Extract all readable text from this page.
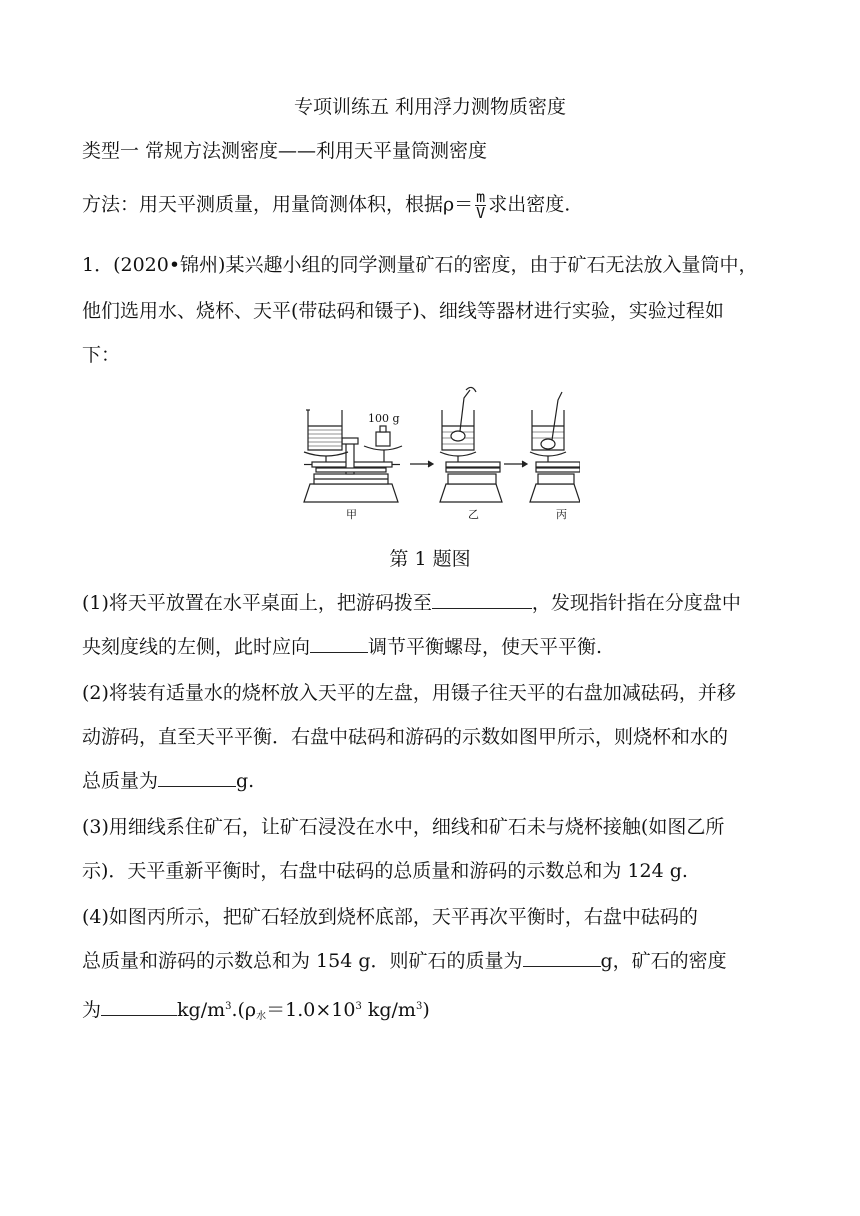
专项训练五 利用浮力测物质密度
类型一 常规方法测密度——利用天平量筒测密度
方法：用天平测质量，用量筒测体积，根据$\rho= \frac{m}{V}$ 求出密度.
1．(2020•锦州)某兴趣小组的同学测量矿石的密度，由于矿石无法放入量筒中，
他们选用水、烧杯、天平(带砝码和镊子)、细线等器材进行实验，实验过程如
下：
100 g
甲	乙	丙
第 1 题图
(1)将天平放置在水平桌面上，把游码拨至	，发现指针指在分度盘中
央刻度线的左侧，此时应向	调节平衡螺母，使天平平衡.
(2)将装有适量水的烧杯放入天平的左盘，用镊子往天平的右盘加减砝码，并移
动游码，直至天平平衡．右盘中砝码和游码的示数如图甲所示，则烧杯和水的
总质量为	g.
(3)用细线系住矿石，让矿石浸没在水中，细线和矿石未与烧杯接触(如图乙所
示)．天平重新平衡时，右盘中砝码的总质量和游码的示数总和为 124 g.
(4)如图丙所示，把矿石轻放到烧杯底部，天平再次平衡时，右盘中砝码的
总质量和游码的示数总和为 154 g．则矿石的质量为	g，矿石的密度
为	$kg/m^3.(\rho_水=1.0\times 10^3$ $kg/m^3$)
